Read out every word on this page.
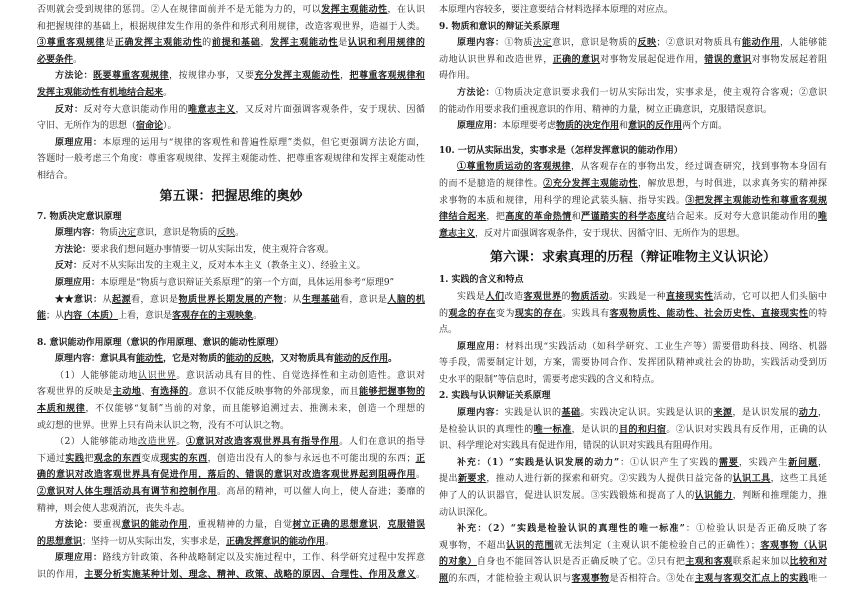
否则就会受到规律的惩罚。②人在规律面前并不是无能为力的，可以发挥主观能动性，在认识
和把握规律的基础上，根据规律发生作用的条件和形式利用规律，改造客观世界，造福于人类。
③尊重客观规律是正确发挥主观能动性的前提和基础，发挥主观能动性是认识和利用规律的
必要条件。
方法论：既要尊重客观规律，按规律办事，又要充分发挥主观能动性，把尊重客观规律和
发挥主观能动性有机地结合起来。
反对：反对夸大意识能动作用的唯意志主义，又反对片面强调客观条件，安于现状、因循
守旧、无所作为的思想（宿命论）。
原理应用：本原理的运用与“规律的客观性和普遍性原理”类似，但它更强调方法论方面，
答题时一般考虑三个角度：尊重客观规律、发挥主观能动性、把尊重客观规律和发挥主观能动性
相结合。
第五课：把握思维的奥妙
7. 物质决定意识原理
原理内容：物质决定意识，意识是物质的反映。
方法论：要求我们想问题办事情要一切从实际出发，使主观符合客观。
反对：反对不从实际出发的主观主义，反对本本主义（教条主义）、经验主义。
原理应用：本原理是“物质与意识辩证关系原理”的第一个方面，具体运用参考“原理9”
★★意识：从起源看，意识是物质世界长期发展的产物；从生理基础看，意识是人脑的机
能；从内容（本质）上看，意识是客观存在的主观映象。
8. 意识能动作用原理（意识的作用原理、意识的能动性原理）
原理内容：意识具有能动性，它是对物质的能动的反映，又对物质具有能动的反作用。
（1）人能够能动地认识世界。意识活动具有目的性、自觉选择性和主动创造性。意识对
客观世界的反映是主动地、有选择的。意识不仅能反映事物的外部现象，而且能够把握事物的
本质和规律，不仅能够“复制”当前的对象，而且能够追溯过去、推测未来，创造一个理想的
或幻想的世界。世界上只有尚未认识之物，没有不可认识之物。
（2）人能够能动地改造世界。①意识对改造客观世界具有指导作用。人们在意识的指导
下通过实践把观念的东西变成现实的东西，创造出没有人的参与永远也不可能出现的东西；正
确的意识对改造客观世界具有促进作用，落后的、错误的意识对改造客观世界起到阻碍作用。
②意识对人体生理活动具有调节和控制作用。高昂的精神，可以催人向上，使人奋进；萎靡的
精神，则会使人悲观消沉，丧失斗志。
方法论：要重视意识的能动作用，重视精神的力量，自觉树立正确的思想意识，克服错误
的思想意识；坚持一切从实际出发，实事求是，正确发挥意识的能动作用。
原理应用：路线方针政策、各种战略制定以及实施过程中，工作、科学研究过程中发挥意
识的作用，主要分析实施某种计划、理念、精神、政策、战略的原因、合理性、作用及意义。
本原理内容较多，要注意要结合材料选择本原理的对应点。
9. 物质和意识的辩证关系原理
原理内容：①物质决定意识，意识是物质的反映；②意识对物质具有能动作用，人能够能
动地认识世界和改造世界，正确的意识对事物发展起促进作用，错误的意识对事物发展起着阻
碍作用。
方法论：①物质决定意识要求我们一切从实际出发，实事求是，使主观符合客观；②意识
的能动作用要求我们重视意识的作用、精神的力量，树立正确意识，克服错误意识。
原理应用：本原理要考虑物质的决定作用和意识的反作用两个方面。
10. 一切从实际出发，实事求是（怎样发挥意识的能动作用）
①尊重物质运动的客观规律，从客观存在的事物出发，经过调查研究，找到事物本身固有
的而不是臆造的规律性。②充分发挥主观能动性，解放思想，与时俱进，以求真务实的精神探
求事物的本质和规律，用科学的理论武装头脑、指导实践。③把发挥主观能动性和尊重客观规
律结合起来，把高度的革命热情和严谨踏实的科学态度结合起来。反对夸大意识能动作用的唯
意志主义，反对片面强调客观条件，安于现状、因循守旧、无所作为的思想。
第六课：求索真理的历程（辩证唯物主义认识论）
1. 实践的含义和特点
实践是人们改造客观世界的物质活动。实践是一种直接现实性活动，它可以把人们头脑中
的观念的存在变为现实的存在。实践具有客观物质性、能动性、社会历史性、直接现实性的特
点。
原理应用：材料出现“实践活动（如科学研究、工业生产等）需要借助科技、网络、机器
等手段，需要制定计划，方案，需要协同合作、发挥团队精神或社会的协助，实践活动受到历
史水平的限制”等信息时，需要考虑实践的含义和特点。
2. 实践与认识辩证关系原理
原理内容：实践是认识的基础。实践决定认识。实践是认识的来源，是认识发展的动力，
是检验认识的真理性的唯一标准，是认识的目的和归宿。②认识对实践具有反作用，正确的认
识、科学理论对实践具有促进作用，错误的认识对实践具有阻碍作用。
补充：（1）“实践是认识发展的动力”：①认识产生了实践的需要，实践产生新问题，
提出新要求，推动人进行新的探索和研究。②实践为人提供日益完备的认识工具，这些工具延
伸了人的认识器官，促进认识发展。③实践锻炼和提高了人的认识能力，判断和推理能力，推
动认识深化。
补充：（2）“实践是检验认识的真理性的唯一标准”：①检验认识是否正确反映了客
观事物，不超出认识的范围就无法判定（主观认识不能检验自己的正确性）；客观事物（认识
的对象）自身也不能回答认识是否正确反映了它。②只有把主观和客观联系起来加以比较和对
照的东西，才能检验主观认识与客观事物是否相符合。③处在主观与客观交汇点上的实践唯一
